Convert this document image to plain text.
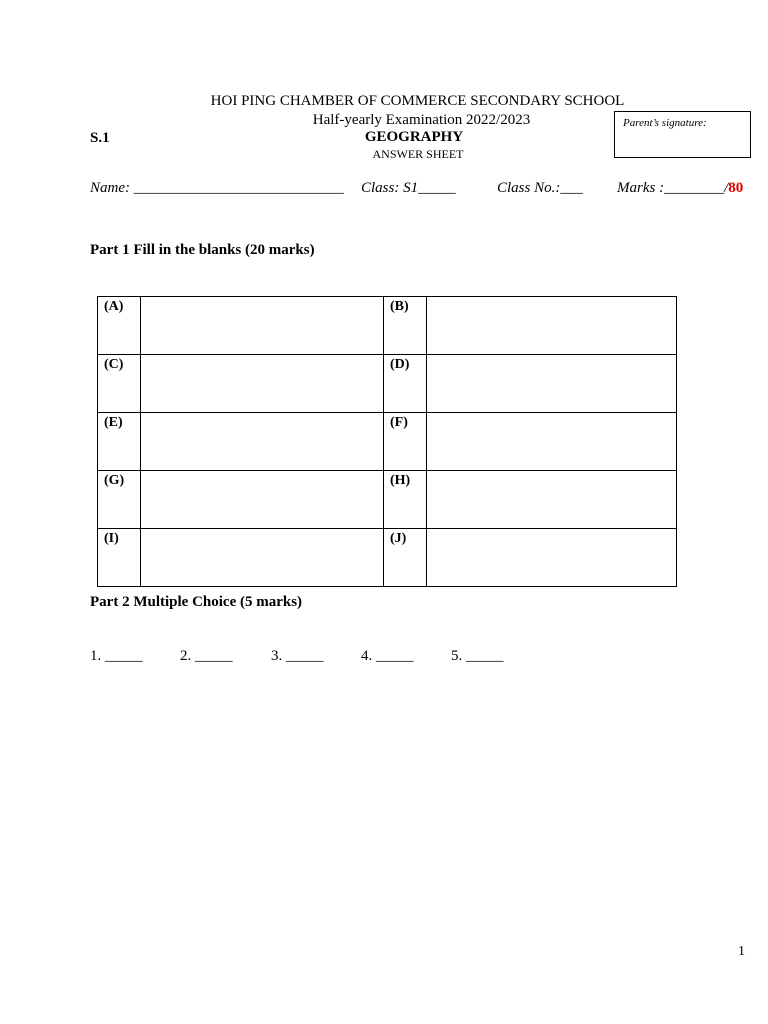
HOI PING CHAMBER OF COMMERCE SECONDARY SCHOOL
Half-yearly Examination 2022/2023
GEOGRAPHY
ANSWER SHEET
S.1
Parent’s signature:
Name: ____________________________ Class: S1_____	Class No.:___ Marks :________/80
Part 1 Fill in the blanks (20 marks)
(A)		(B)	
(C)		(D)	
(E)		(F)	
(G)		(H)	
(I)		(J)	
Part 2 Multiple Choice (5 marks)
1. _____	2. _____	3. _____	4. _____	5. _____
1
